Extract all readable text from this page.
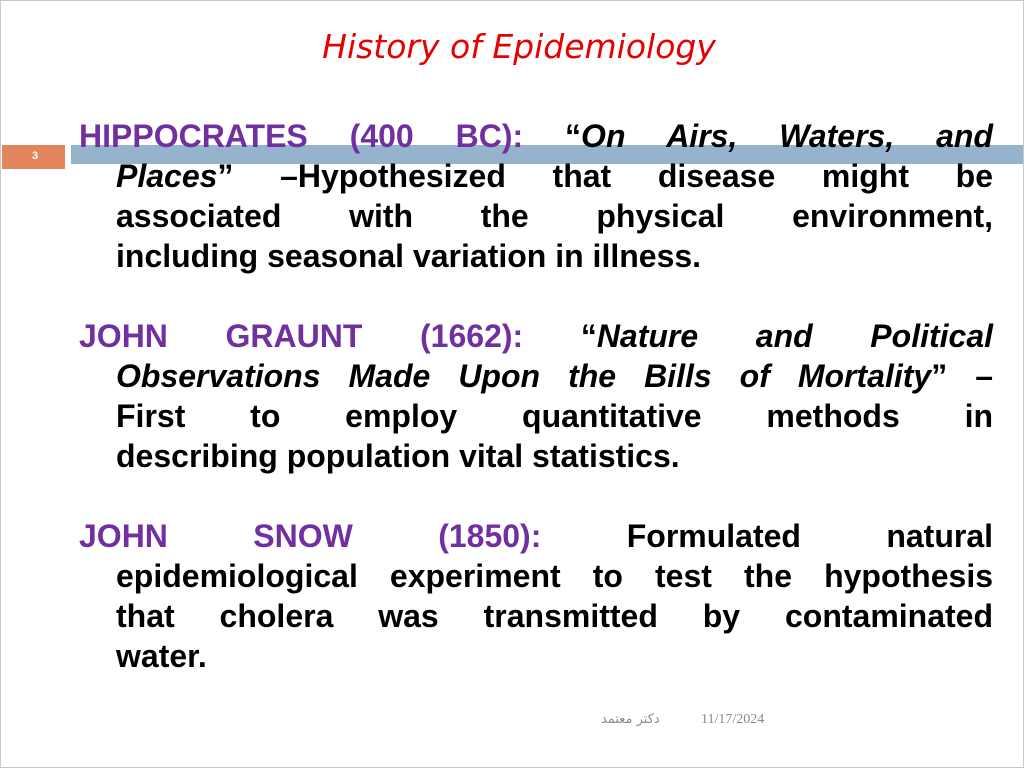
History of Epidemiology
3
HIPPOCRATES (400 BC): “On Airs, Waters, and
Places” –Hypothesized that disease might be
associated with the physical environment,
including seasonal variation in illness.
JOHN GRAUNT (1662): “Nature and Political
Observations Made Upon the Bills of Mortality” –
First to employ quantitative methods in
describing population vital statistics.
JOHN SNOW (1850):	Formulated natural
epidemiological experiment to test the hypothesis
that cholera was transmitted by contaminated
water.
دكتر معتمد	11/17/2024
